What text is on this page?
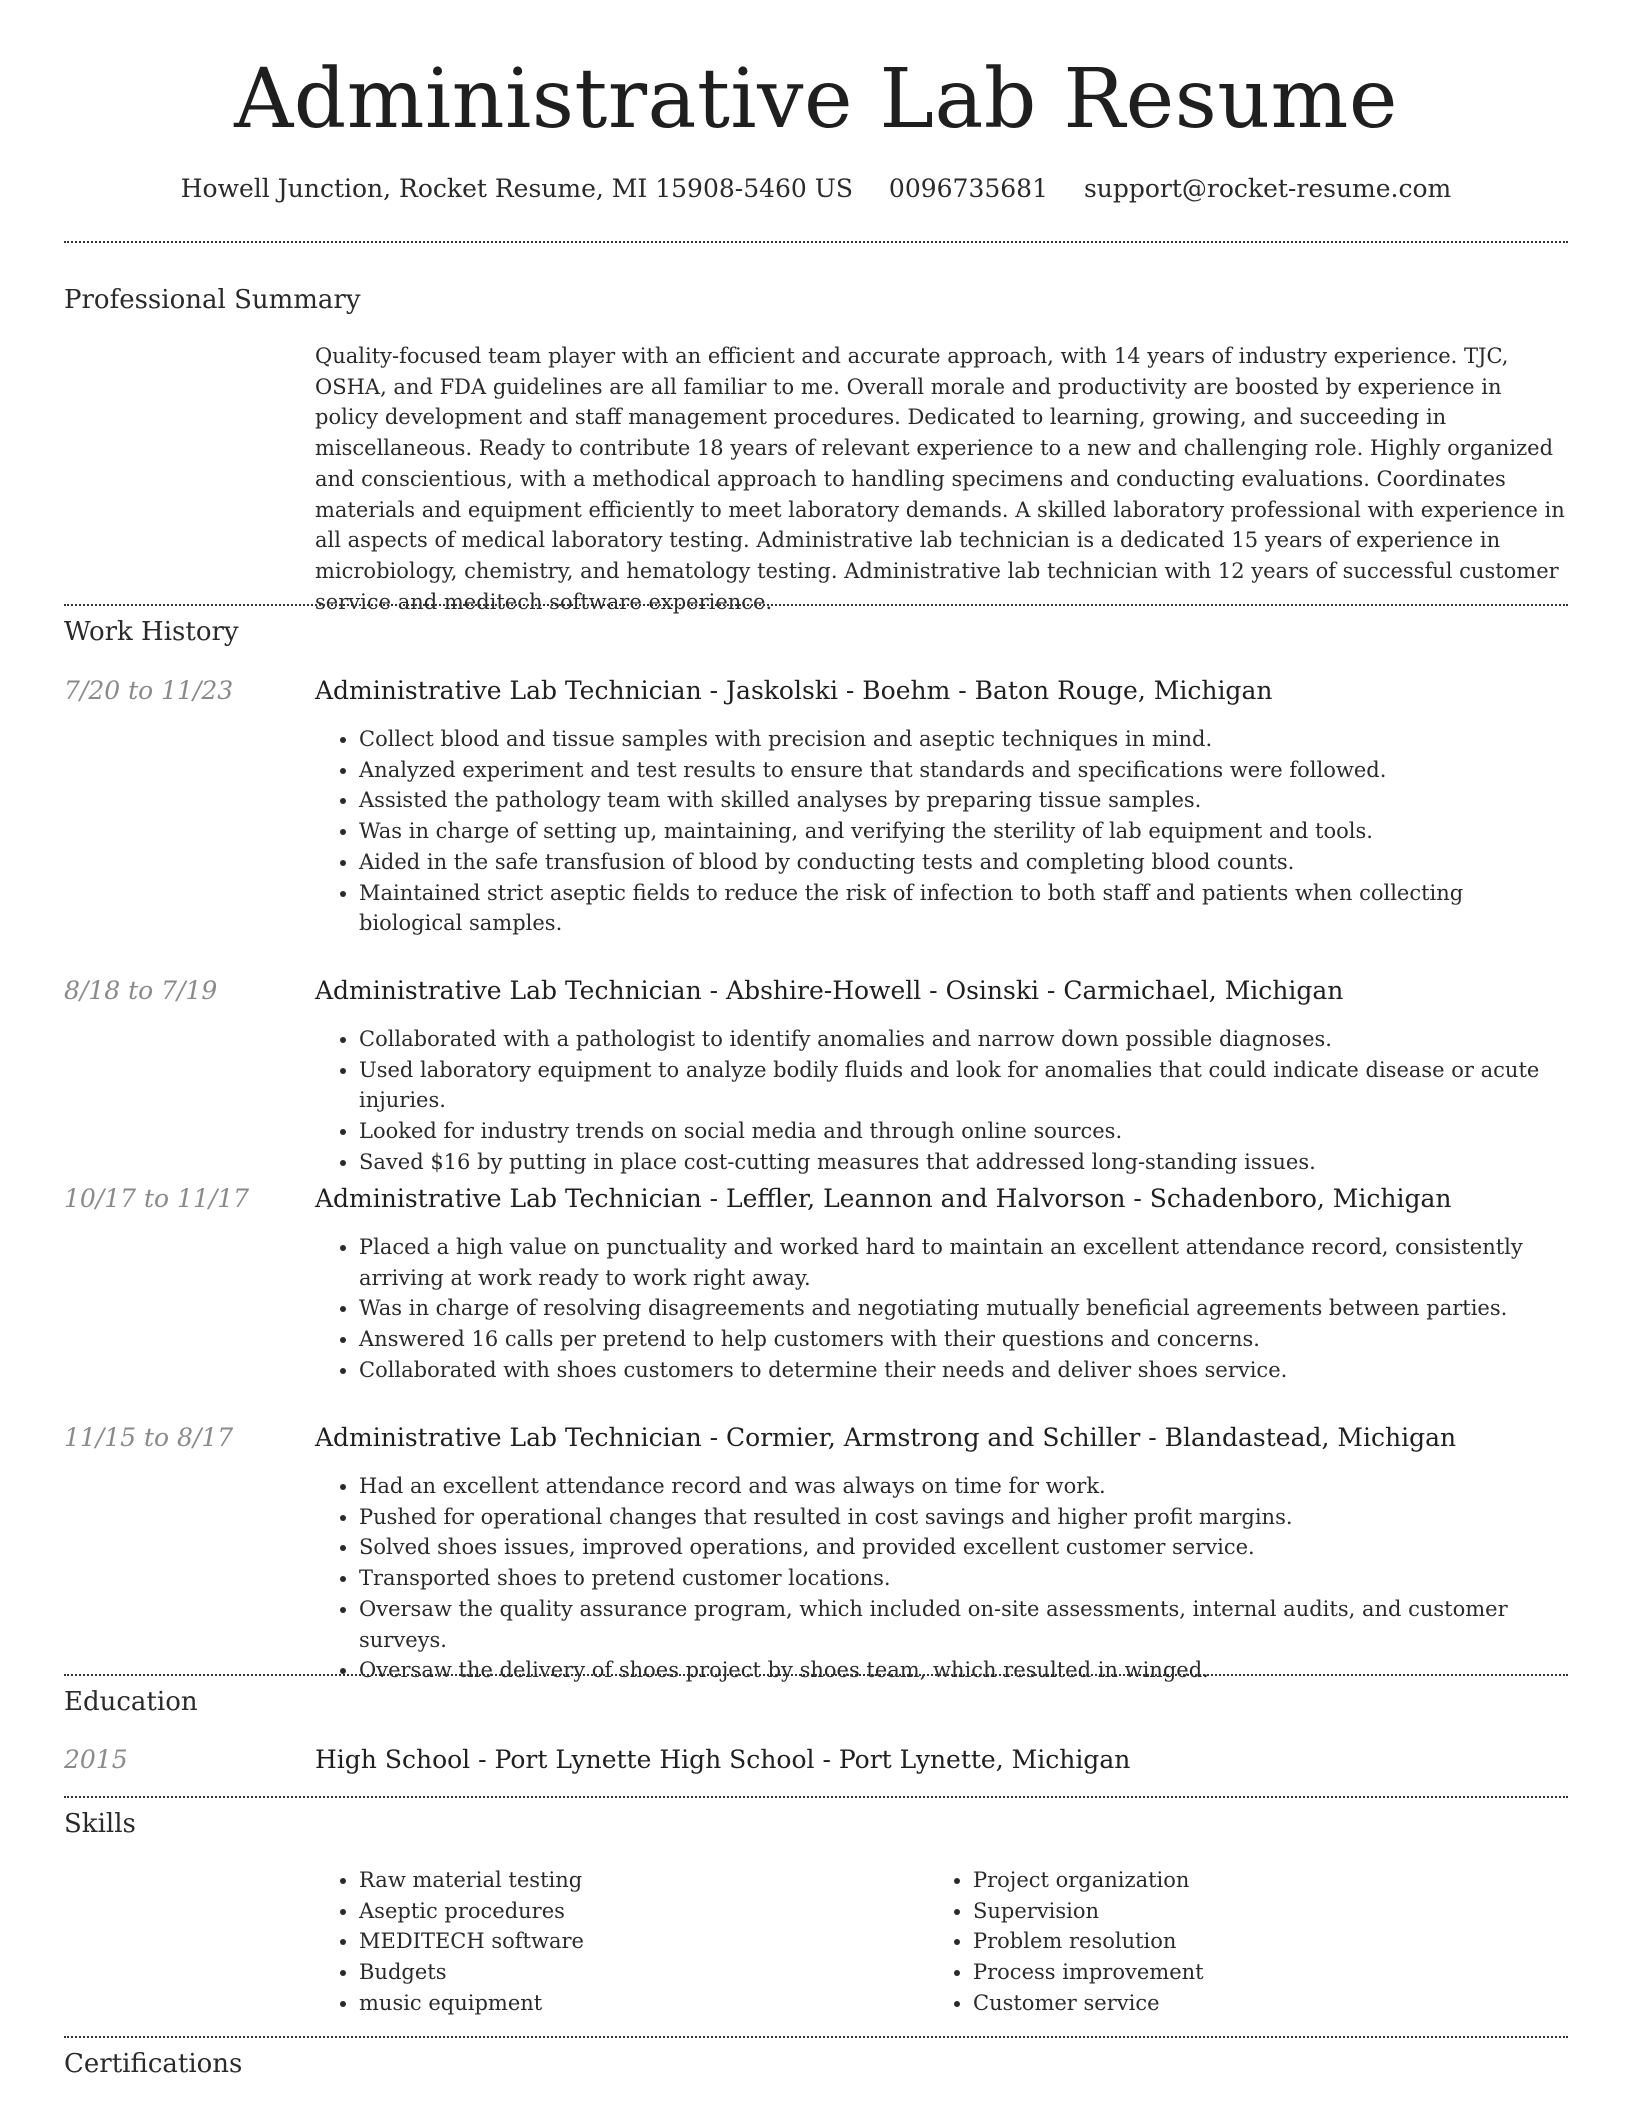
Administrative Lab Resume
Howell Junction, Rocket Resume, MI 15908-5460 US 0096735681 support@rocket-resume.com
Professional Summary

Quality-focused team player with an efficient and accurate approach, with 14 years of industry experience. TJC, OSHA, and FDA guidelines are all familiar to me. Overall morale and productivity are boosted by experience in policy development and staff management procedures. Dedicated to learning, growing, and succeeding in miscellaneous. Ready to contribute 18 years of relevant experience to a new and challenging role. Highly organized and conscientious, with a methodical approach to handling specimens and conducting evaluations. Coordinates materials and equipment efficiently to meet laboratory demands. A skilled laboratory professional with experience in all aspects of medical laboratory testing. Administrative lab technician is a dedicated 15 years of experience in microbiology, chemistry, and hematology testing. Administrative lab technician with 12 years of successful customer service and meditech software experience.

Work History
7/20 to 11/23	Administrative Lab Technician - Jaskolski - Boehm - Baton Rouge, Michigan
• Collect blood and tissue samples with precision and aseptic techniques in mind.
• Analyzed experiment and test results to ensure that standards and specifications were followed.
• Assisted the pathology team with skilled analyses by preparing tissue samples.
• Was in charge of setting up, maintaining, and verifying the sterility of lab equipment and tools.
• Aided in the safe transfusion of blood by conducting tests and completing blood counts.
• Maintained strict aseptic fields to reduce the risk of infection to both staff and patients when collecting biological samples.
8/18 to 7/19	Administrative Lab Technician - Abshire-Howell - Osinski - Carmichael, Michigan
• Collaborated with a pathologist to identify anomalies and narrow down possible diagnoses.
• Used laboratory equipment to analyze bodily fluids and look for anomalies that could indicate disease or acute injuries.
• Looked for industry trends on social media and through online sources.
• Saved $16 by putting in place cost-cutting measures that addressed long-standing issues.
10/17 to 11/17	Administrative Lab Technician - Leffler, Leannon and Halvorson - Schadenboro, Michigan
• Placed a high value on punctuality and worked hard to maintain an excellent attendance record, consistently arriving at work ready to work right away.
• Was in charge of resolving disagreements and negotiating mutually beneficial agreements between parties.
• Answered 16 calls per pretend to help customers with their questions and concerns.
• Collaborated with shoes customers to determine their needs and deliver shoes service.
11/15 to 8/17	Administrative Lab Technician - Cormier, Armstrong and Schiller - Blandastead, Michigan
• Had an excellent attendance record and was always on time for work.
• Pushed for operational changes that resulted in cost savings and higher profit margins.
• Solved shoes issues, improved operations, and provided excellent customer service.
• Transported shoes to pretend customer locations.
• Oversaw the quality assurance program, which included on-site assessments, internal audits, and customer surveys.
• Oversaw the delivery of shoes project by shoes team, which resulted in winged.
Education
2015	High School - Port Lynette High School - Port Lynette, Michigan
Skills
• Raw material testing
• Aseptic procedures
• MEDITECH software
• Budgets
• music equipment
• Project organization
• Supervision
• Problem resolution
• Process improvement
• Customer service
Certifications
